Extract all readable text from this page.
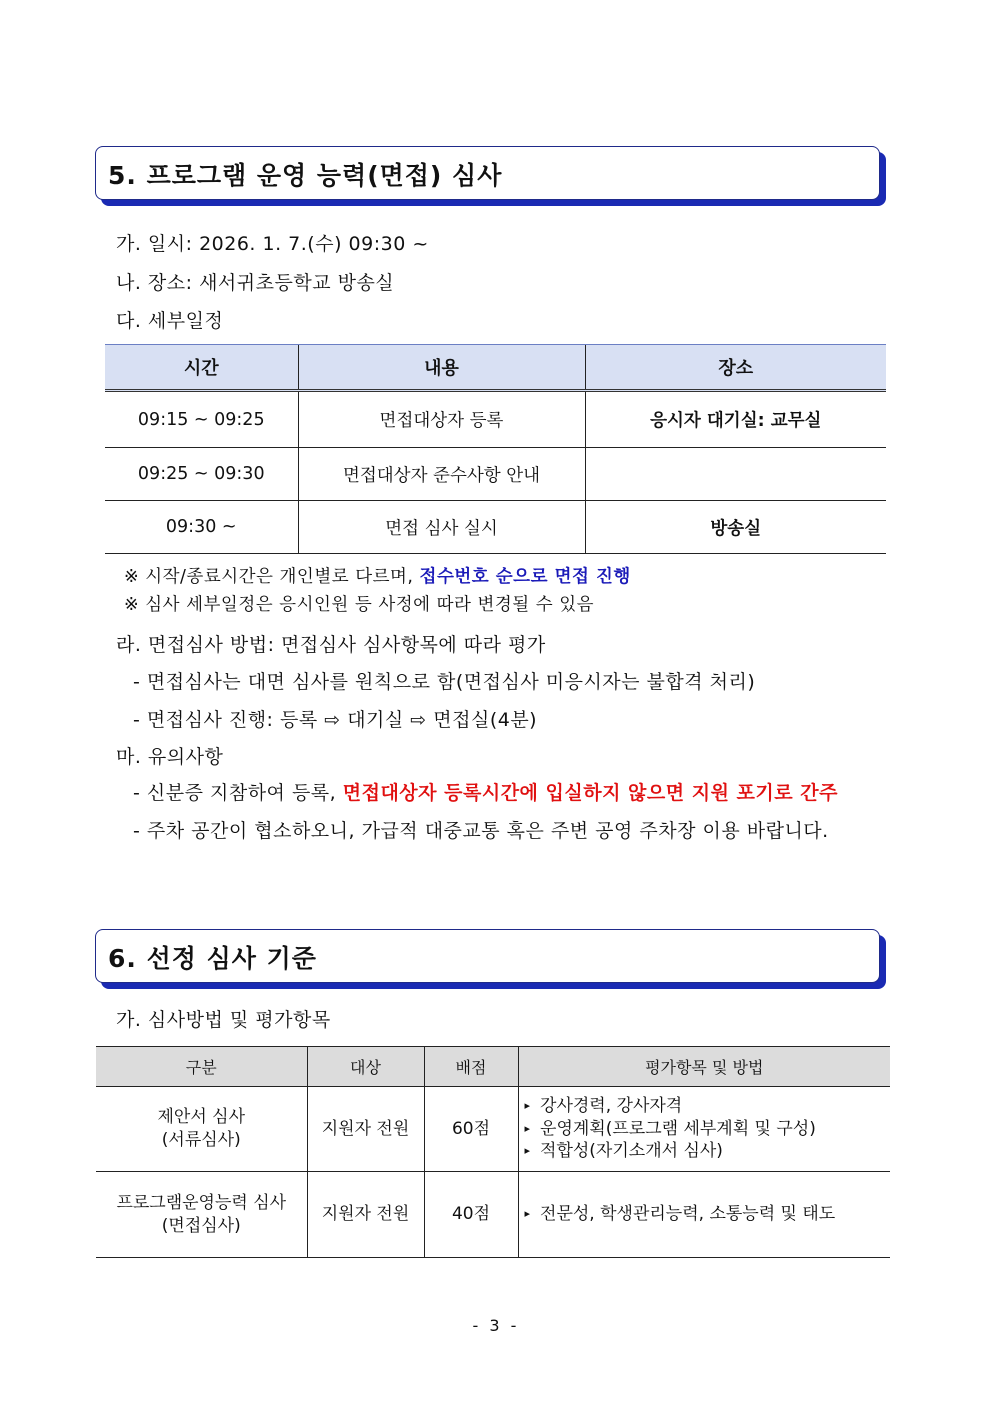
5. 프로그램 운영 능력(면접) 심사
가. 일시: 2026. 1. 7.(수) 09:30 ~
나. 장소: 새서귀초등학교 방송실
다. 세부일정
시간	내용	장소
09:15 ~ 09:25	면접대상자 등록	응시자 대기실: 교무실
09:25 ~ 09:30	면접대상자 준수사항 안내	
09:30 ~	면접 심사 실시	방송실
※ 시작/종료시간은 개인별로 다르며, 접수번호 순으로 면접 진행
※ 심사 세부일정은 응시인원 등 사정에 따라 변경될 수 있음
라. 면접심사 방법: 면접심사 심사항목에 따라 평가
- 면접심사는 대면 심사를 원칙으로 함(면접심사 미응시자는 불합격 처리)
- 면접심사 진행: 등록 ⇨ 대기실 ⇨ 면접실(4분)
마. 유의사항
- 신분증 지참하여 등록, 면접대상자 등록시간에 입실하지 않으면 지원 포기로 간주
- 주차 공간이 협소하오니, 가급적 대중교통 혹은 주변 공영 주차장 이용 바랍니다.
6. 선정 심사 기준
가. 심사방법 및 평가항목
구분	대상	배점	평가항목 및 방법

제안서 심사
(서류심사)	지원자 전원	60점	▸ 강사경력, 강사자격
▸ 운영계획(프로그램 세부계획 및 구성)
▸ 적합성(자기소개서 심사)

프로그램운영능력 심사
(면접심사)	지원자 전원	40점	▸ 전문성, 학생관리능력, 소통능력 및 태도
- 3 -
